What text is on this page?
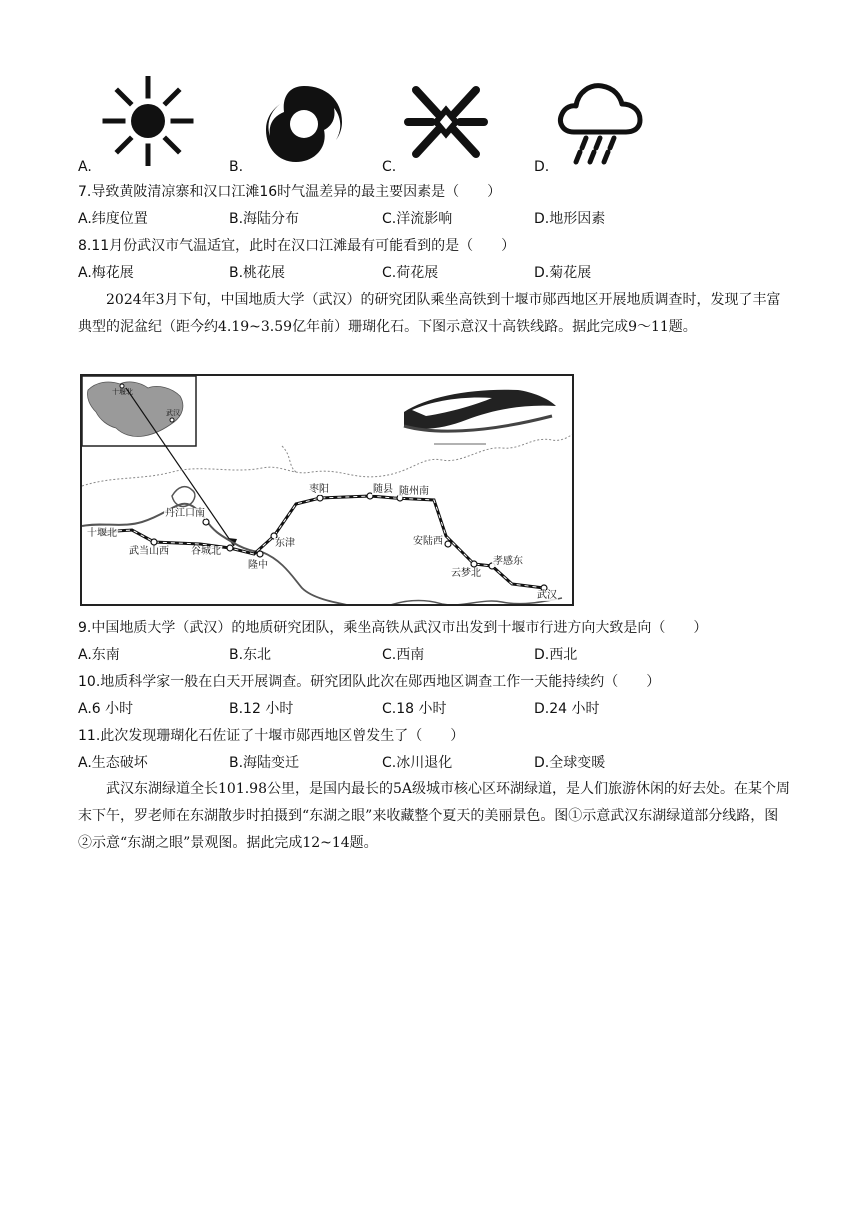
A.	B.	C.	D.
7.导致黄陂清凉寨和汉口江滩16时气温差异的最主要因素是（　　）
A.纬度位置	B.海陆分布	C.洋流影响	D.地形因素
8.11月份武汉市气温适宜，此时在汉口江滩最有可能看到的是（　　）
A.梅花展	B.桃花展	C.荷花展	D.菊花展
2024年3月下旬，中国地质大学（武汉）的研究团队乘坐高铁到十堰市郧西地区开展地质调查时，发现了丰富典型的泥盆纪（距今约4.19~3.59亿年前）珊瑚化石。下图示意汉十高铁线路。据此完成9～11题。
十堰北
武汉
十堰北
武当山西
丹江口南
谷城北
隆中
东津
枣阳	随县 随州南
安陆西
云梦北
孝感东
武汉
9.中国地质大学（武汉）的地质研究团队，乘坐高铁从武汉市出发到十堰市行进方向大致是向（　　）
A.东南	B.东北	C.西南	D.西北
10.地质科学家一般在白天开展调查。研究团队此次在郧西地区调查工作一天能持续约（　　）
A.6 小时	B.12 小时	C.18 小时	D.24 小时
11.此次发现珊瑚化石佐证了十堰市郧西地区曾发生了（　　）
A.生态破坏	B.海陆变迁	C.冰川退化	D.全球变暖
武汉东湖绿道全长101.98公里，是国内最长的5A级城市核心区环湖绿道，是人们旅游休闲的好去处。在某个周末下午，罗老师在东湖散步时拍摄到“东湖之眼”来收藏整个夏天的美丽景色。图①示意武汉东湖绿道部分线路，图②示意“东湖之眼”景观图。据此完成12~14题。
